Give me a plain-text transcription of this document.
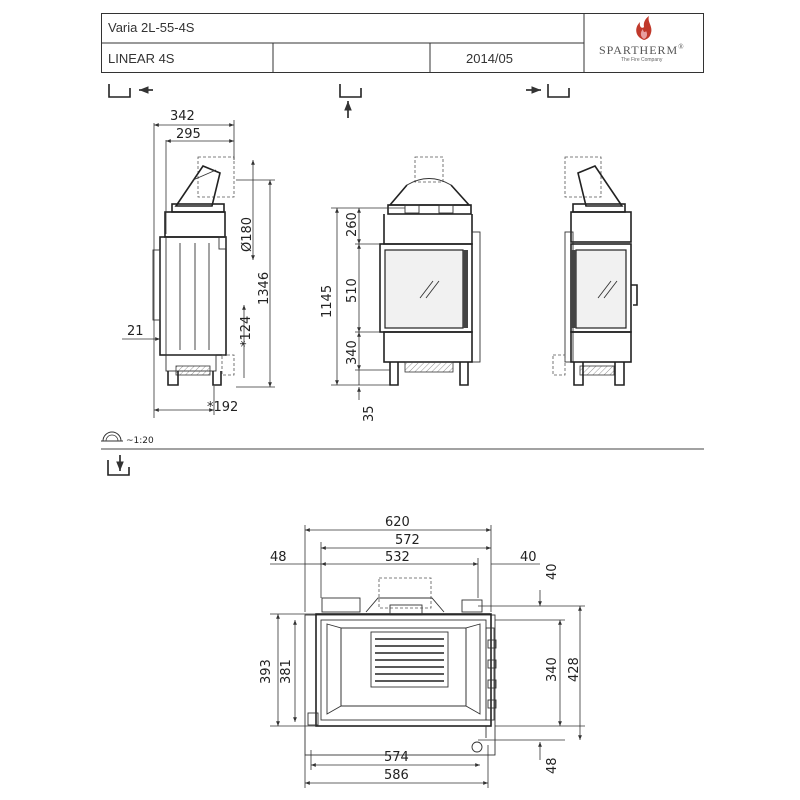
Varia 2L-55-4S
LINEAR 4S	2014/05
SPARTHERM®
The Fire Company
342
295
Ø180
1346
21	*124
*192
1145
260
510
340
35
~1:20
620
572
532
48	40
40
393 381	340 428
574
586
48
